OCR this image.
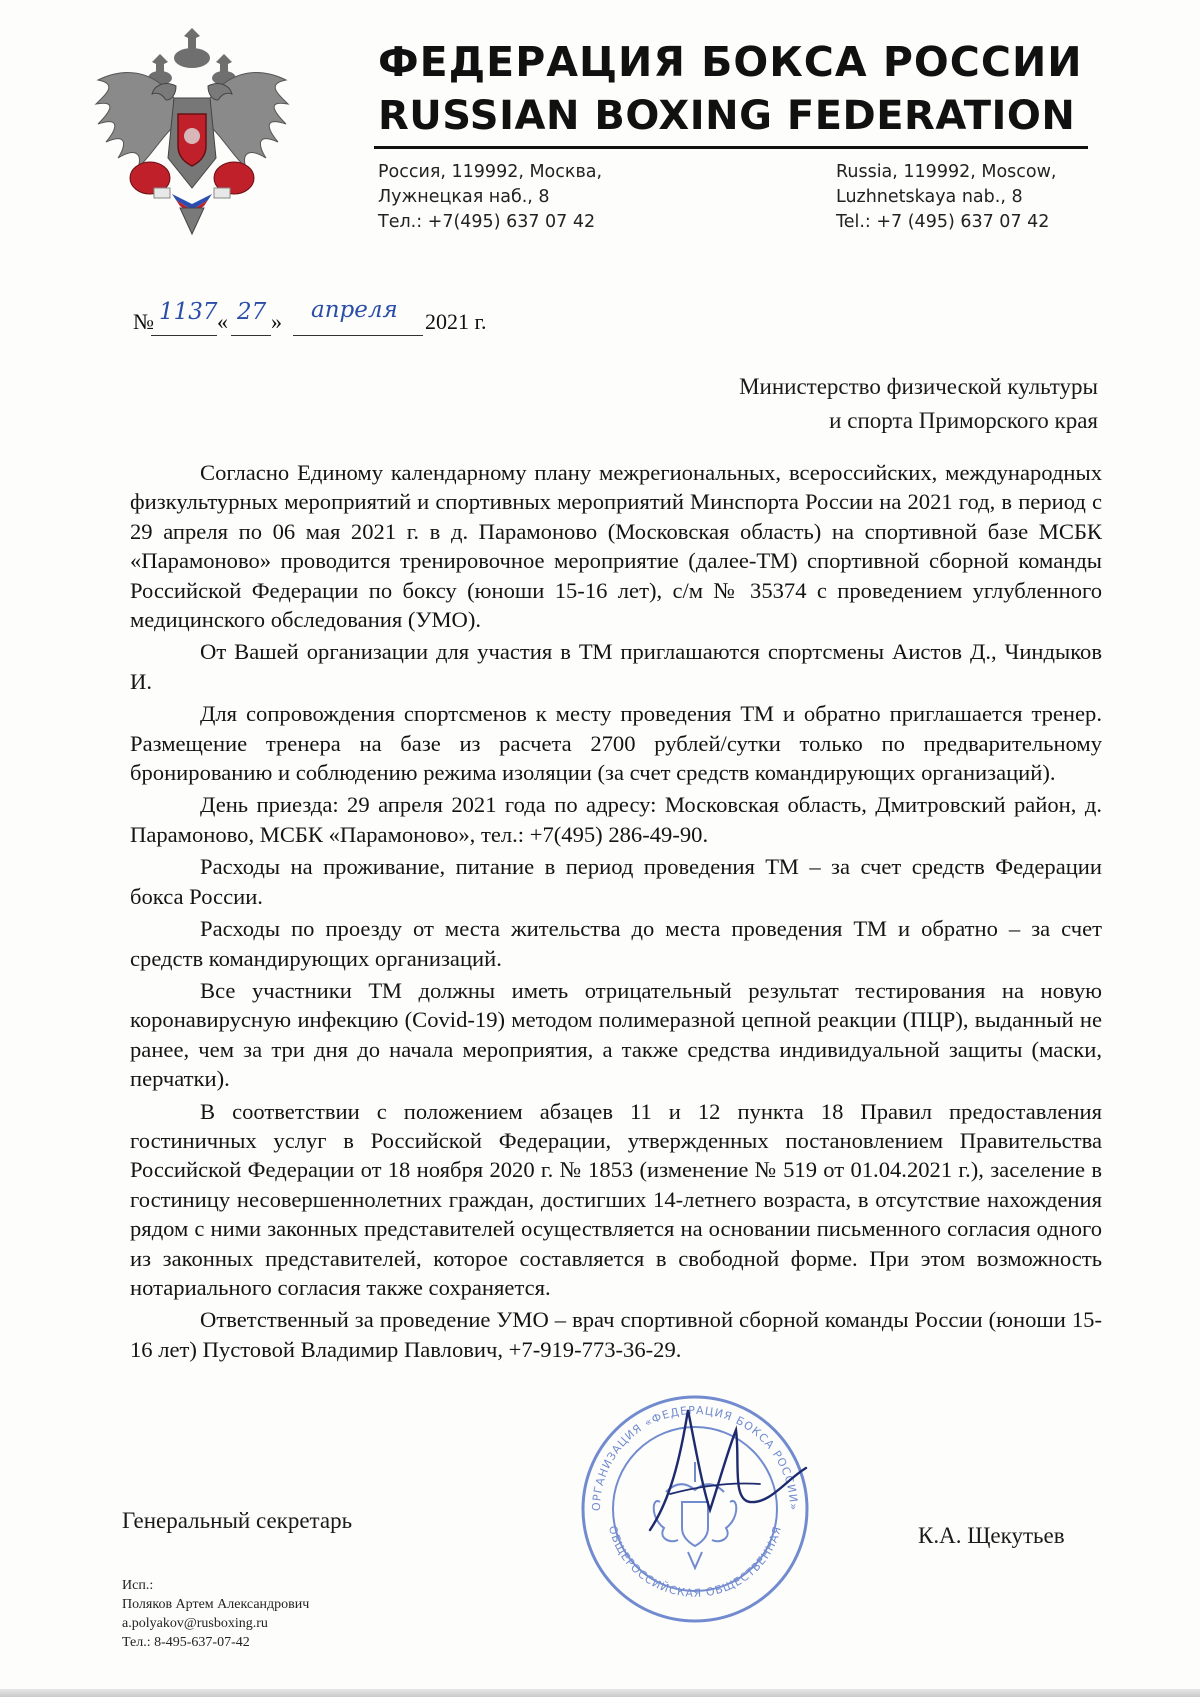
ФЕДЕРАЦИЯ БОКСА РОССИИ
RUSSIAN BOXING FEDERATION
Россия, 119992, Москва,
Лужнецкая наб., 8
Тел.: +7(495) 637 07 42
Russia, 119992, Moscow,
Luzhnetskaya nab., 8
Tel.: +7 (495) 637 07 42
№ 1137 « 27 » апреля 2021 г.
Министерство физической культуры
и спорта Приморского края

Согласно Единому календарному плану межрегиональных, всероссийских, международных физкультурных мероприятий и спортивных мероприятий Минспорта России на 2021 год, в период с 29 апреля по 06 мая 2021 г. в д. Парамоново (Московская область) на спортивной базе МСБК «Парамоново» проводится тренировочное мероприятие (далее-ТМ) спортивной сборной команды Российской Федерации по боксу (юноши 15-16 лет), с/м № 35374 с проведением углубленного медицинского обследования (УМО).

От Вашей организации для участия в ТМ приглашаются спортсмены Аистов Д., Чиндыков И.

Для сопровождения спортсменов к месту проведения ТМ и обратно приглашается тренер. Размещение тренера на базе из расчета 2700 рублей/сутки только по предварительному бронированию и соблюдению режима изоляции (за счет средств командирующих организаций).

День приезда: 29 апреля 2021 года по адресу: Московская область, Дмитровский район, д. Парамоново, МСБК «Парамоново», тел.: +7(495) 286-49-90.

Расходы на проживание, питание в период проведения ТМ – за счет средств Федерации бокса России.

Расходы по проезду от места жительства до места проведения ТМ и обратно – за счет средств командирующих организаций.

Все участники ТМ должны иметь отрицательный результат тестирования на новую коронавирусную инфекцию (Covid-19) методом полимеразной цепной реакции (ПЦР), выданный не ранее, чем за три дня до начала мероприятия, а также средства индивидуальной защиты (маски, перчатки).

В соответствии с положением абзацев 11 и 12 пункта 18 Правил предоставления гостиничных услуг в Российской Федерации, утвержденных постановлением Правительства Российской Федерации от 18 ноября 2020 г. № 1853 (изменение № 519 от 01.04.2021 г.), заселение в гостиницу несовершеннолетних граждан, достигших 14-летнего возраста, в отсутствие нахождения рядом с ними законных представителей осуществляется на основании письменного согласия одного из законных представителей, которое составляется в свободной форме. При этом возможность нотариального согласия также сохраняется.

Ответственный за проведение УМО – врач спортивной сборной команды России (юноши 15-16 лет) Пустовой Владимир Павлович, +7-919-773-36-29.

ОРГАНИЗАЦИЯ «ФЕДЕРАЦИЯ БОКСА РОССИИ»
ОБЩЕРОССИЙСКАЯ ОБЩЕСТВЕННАЯ
Генеральный секретарь
К.А. Щекутьев
Исп.:
Поляков Артем Александрович
a.polyakov@rusboxing.ru
Тел.: 8-495-637-07-42
